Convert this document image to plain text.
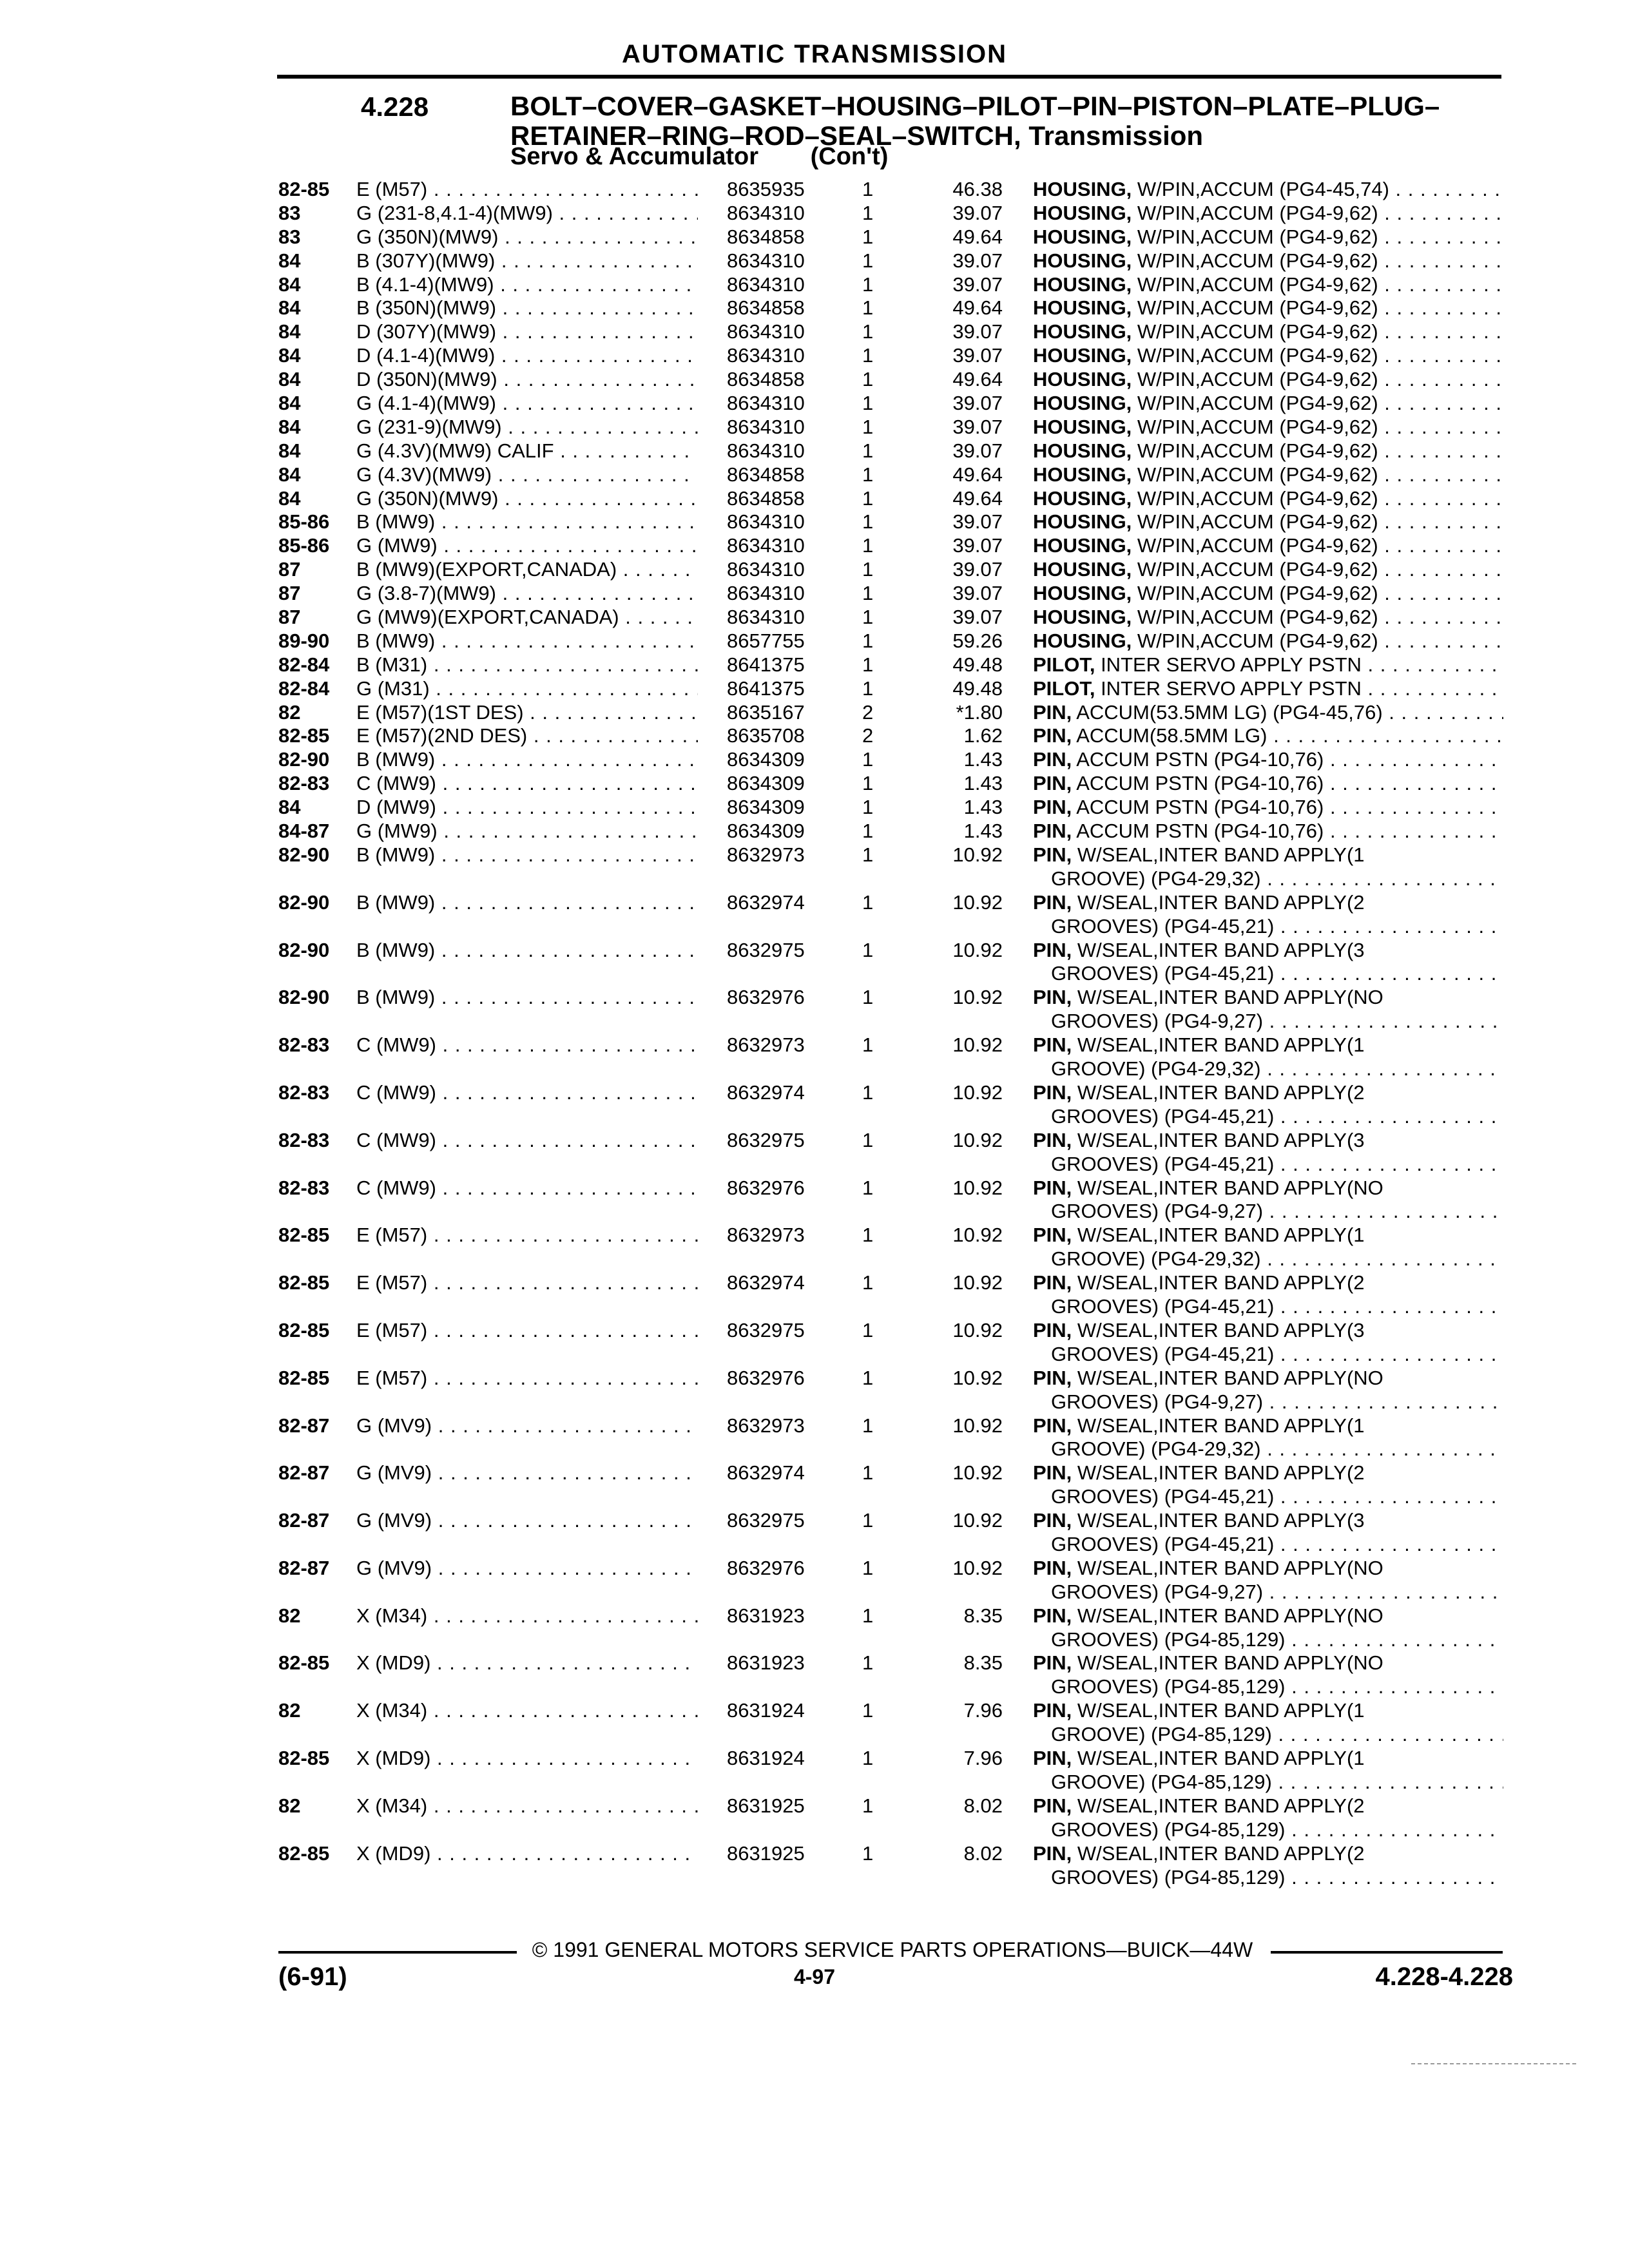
AUTOMATIC TRANSMISSION
4.228	BOLT–COVER–GASKET–HOUSING–PILOT–PIN–PISTON–PLATE–PLUG–RETAINER–RING–ROD–SEAL–SWITCH, Transmission
Servo & Accumulator (Con't)
82-85 E (M57) . . .	8635935	1	46.38 HOUSING, W/PIN,ACCUM (PG4-45,74) . . .
83	G (231-8,4.1-4)(MW9) . . .	8634310	1	39.07 HOUSING, W/PIN,ACCUM (PG4-9,62) . . .
83	G (350N)(MW9) . . .	8634858	1	49.64 HOUSING, W/PIN,ACCUM (PG4-9,62) . . .
84	B (307Y)(MW9) . . .	8634310	1	39.07 HOUSING, W/PIN,ACCUM (PG4-9,62) . . .
84	B (4.1-4)(MW9) . . .	8634310	1	39.07 HOUSING, W/PIN,ACCUM (PG4-9,62) . . .
84	B (350N)(MW9) . . .	8634858	1	49.64 HOUSING, W/PIN,ACCUM (PG4-9,62) . . .
84	D (307Y)(MW9) . . .	8634310	1	39.07 HOUSING, W/PIN,ACCUM (PG4-9,62) . . .
84	D (4.1-4)(MW9) . . .	8634310	1	39.07 HOUSING, W/PIN,ACCUM (PG4-9,62) . . .
84	D (350N)(MW9) . . .	8634858	1	49.64 HOUSING, W/PIN,ACCUM (PG4-9,62) . . .
84	G (4.1-4)(MW9) . . .	8634310	1	39.07 HOUSING, W/PIN,ACCUM (PG4-9,62) . . .
84	G (231-9)(MW9) . . .	8634310	1	39.07 HOUSING, W/PIN,ACCUM (PG4-9,62) . . .
84	G (4.3V)(MW9) CALIF . . .	8634310	1	39.07 HOUSING, W/PIN,ACCUM (PG4-9,62) . . .
84	G (4.3V)(MW9) . . .	8634858	1	49.64 HOUSING, W/PIN,ACCUM (PG4-9,62) . . .
84	G (350N)(MW9) . . .	8634858	1	49.64 HOUSING, W/PIN,ACCUM (PG4-9,62) . . .
85-86 B (MW9) . . .	8634310	1	39.07 HOUSING, W/PIN,ACCUM (PG4-9,62) . . .
85-86 G (MW9) . . .	8634310	1	39.07 HOUSING, W/PIN,ACCUM (PG4-9,62) . . .
87	B (MW9)(EXPORT,CANADA) . . .	8634310	1	39.07 HOUSING, W/PIN,ACCUM (PG4-9,62) . . .
87	G (3.8-7)(MW9) . . .	8634310	1	39.07 HOUSING, W/PIN,ACCUM (PG4-9,62) . . .
87	G (MW9)(EXPORT,CANADA) . . .	8634310	1	39.07 HOUSING, W/PIN,ACCUM (PG4-9,62) . . .
89-90 B (MW9) . . .	8657755	1	59.26 HOUSING, W/PIN,ACCUM (PG4-9,62) . . .
82-84 B (M31) . . .	8641375	1	49.48 PILOT, INTER SERVO APPLY PSTN . . .
82-84 G (M31) . . .	8641375	1	49.48 PILOT, INTER SERVO APPLY PSTN . . .
82	E (M57)(1ST DES) . . .	8635167	2	*1.80 PIN, ACCUM(53.5MM LG) (PG4-45,76) . . .
82-85 E (M57)(2ND DES) . . .	8635708	2	1.62 PIN, ACCUM(58.5MM LG) . . .
82-90 B (MW9) . . .	8634309	1	1.43 PIN, ACCUM PSTN (PG4-10,76) . . .
82-83 C (MW9) . . .	8634309	1	1.43 PIN, ACCUM PSTN (PG4-10,76) . . .
84	D (MW9) . . .	8634309	1	1.43 PIN, ACCUM PSTN (PG4-10,76) . . .
84-87 G (MW9) . . .	8634309	1	1.43 PIN, ACCUM PSTN (PG4-10,76) . . .
82-90 B (MW9) . . .	8632973	1	10.92 PIN, W/SEAL,INTER BAND APPLY(1
GROOVE) (PG4-29,32) . . .
82-90 B (MW9) . . .	8632974	1	10.92 PIN, W/SEAL,INTER BAND APPLY(2
GROOVES) (PG4-45,21) . . .
82-90 B (MW9) . . .	8632975	1	10.92 PIN, W/SEAL,INTER BAND APPLY(3
GROOVES) (PG4-45,21) . . .
82-90 B (MW9) . . .	8632976	1	10.92 PIN, W/SEAL,INTER BAND APPLY(NO
GROOVES) (PG4-9,27) . . .
82-83 C (MW9) . . .	8632973	1	10.92 PIN, W/SEAL,INTER BAND APPLY(1
GROOVE) (PG4-29,32) . . .
82-83 C (MW9) . . .	8632974	1	10.92 PIN, W/SEAL,INTER BAND APPLY(2
GROOVES) (PG4-45,21) . . .
82-83 C (MW9) . . .	8632975	1	10.92 PIN, W/SEAL,INTER BAND APPLY(3
GROOVES) (PG4-45,21) . . .
82-83 C (MW9) . . .	8632976	1	10.92 PIN, W/SEAL,INTER BAND APPLY(NO
GROOVES) (PG4-9,27) . . .
82-85 E (M57) . . .	8632973	1	10.92 PIN, W/SEAL,INTER BAND APPLY(1
GROOVE) (PG4-29,32) . . .
82-85 E (M57) . . .	8632974	1	10.92 PIN, W/SEAL,INTER BAND APPLY(2
GROOVES) (PG4-45,21) . . .
82-85 E (M57) . . .	8632975	1	10.92 PIN, W/SEAL,INTER BAND APPLY(3
GROOVES) (PG4-45,21) . . .
82-85 E (M57) . . .	8632976	1	10.92 PIN, W/SEAL,INTER BAND APPLY(NO
GROOVES) (PG4-9,27) . . .
82-87 G (MV9) . . .	8632973	1	10.92 PIN, W/SEAL,INTER BAND APPLY(1
GROOVE) (PG4-29,32) . . .
82-87 G (MV9) . . .	8632974	1	10.92 PIN, W/SEAL,INTER BAND APPLY(2
GROOVES) (PG4-45,21) . . .
82-87 G (MV9) . . .	8632975	1	10.92 PIN, W/SEAL,INTER BAND APPLY(3
GROOVES) (PG4-45,21) . . .
82-87 G (MV9) . . .	8632976	1	10.92 PIN, W/SEAL,INTER BAND APPLY(NO
GROOVES) (PG4-9,27) . . .
82	X (M34) . . .	8631923	1	8.35 PIN, W/SEAL,INTER BAND APPLY(NO
GROOVES) (PG4-85,129) . . .
82-85 X (MD9) . . .	8631923	1	8.35 PIN, W/SEAL,INTER BAND APPLY(NO
GROOVES) (PG4-85,129) . . .
82	X (M34) . . .	8631924	1	7.96 PIN, W/SEAL,INTER BAND APPLY(1
GROOVE) (PG4-85,129) . . .
82-85 X (MD9) . . .	8631924	1	7.96 PIN, W/SEAL,INTER BAND APPLY(1
GROOVE) (PG4-85,129) . . .
82	X (M34) . . .	8631925	1	8.02 PIN, W/SEAL,INTER BAND APPLY(2
GROOVES) (PG4-85,129) . . .
82-85 X (MD9) . . .	8631925	1	8.02 PIN, W/SEAL,INTER BAND APPLY(2
GROOVES) (PG4-85,129) . . .
© 1991 GENERAL MOTORS SERVICE PARTS OPERATIONS—BUICK—44W
(6-91)	4-97	4.228-4.228
